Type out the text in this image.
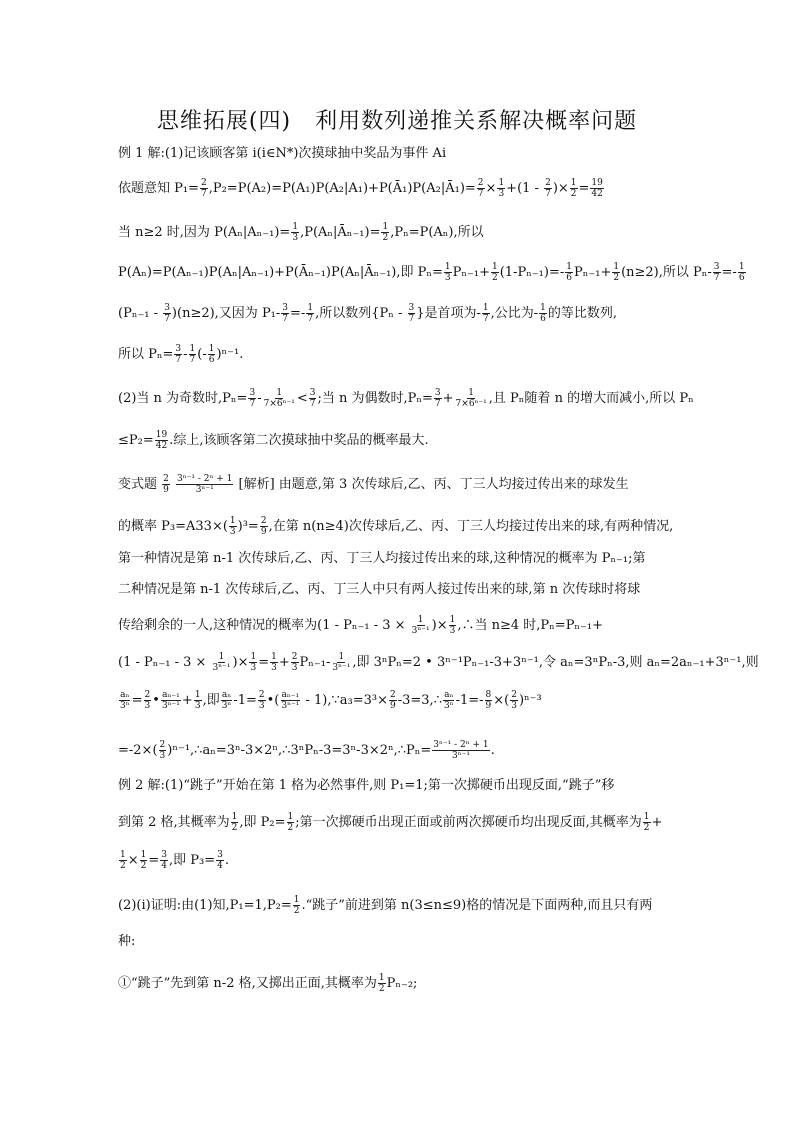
思维拓展(四)   利用数列递推关系解决概率问题
例 1 解:(1)记该顾客第 i(i∈N*)次摸球抽中奖品为事件 Ai
依题意知 $P_1= \frac{2}{7}$ ,P₂=P(A₂)=P(A₁)P(A₂|A₁)+P(Ā₁)P(A₂|Ā₁)= $\frac{2}{7} \times \frac{1}{3} +(1 - \frac{2}{7}$ )× $\frac{1}{2} = \frac{19}{42}$
当 n≥2 时,因为 $P(A_n|A_{n-1})= \frac{1}{3}$ ,P(Aₙ|Āₙ₋₁)= $\frac{1}{2} ,P_n=P(A_n)$,所以
P(Aₙ)=P(Aₙ₋₁)P(Aₙ|Aₙ₋₁)+P(Āₙ₋₁)P(Aₙ|Āₙ₋₁),即 $P_n= \frac{1}{3} P_{n-1}+ \frac{1}{2} (1-P_{n-1})=- \frac{1}{6} P_{n-1}+ \frac{1}{2} (n\ge 2)$,所以 $P_n- \frac{3}{7} =- \frac{1}{6}$
$(P_{n-1} - \frac{3}{7} )(n\ge 2)$,又因为 $P_1- \frac{3}{7} =- \frac{1}{7}$ ,所以数列{$P_n - \frac{3}{7}$ }是首项为- $\frac{1}{7}$ ,公比为- $\frac{1}{6}$ 的等比数列,
所以 $P_n= \frac{3}{7} - \frac{1}{7}$ (- $\frac{1}{6} )^{n-1}$.
(2)当 n 为奇数时$,P_n= \frac{3}{7} - \frac{1}{\text{7×6ⁿ⁻¹}} < \frac{3}{7}$ ;当 n 为偶数时$,P_n= \frac{3}{7} + \frac{1}{\text{7×6ⁿ⁻¹}}$ ,且 Pₙ随着 n 的增大而减小,所以 Pₙ
$\le P_2= \frac{19}{42}$ .综上,该顾客第二次摸球抽中奖品的概率最大.
变式题 $\frac{2}{9}$
$\frac{\text{3ⁿ⁻¹ - 2ⁿ + 1}}{\text{3ⁿ⁻¹}}$ [解析] 由题意,第 3 次传球后,乙、丙、丁三人均接过传出来的球发生
的概率 $P_3=A33\times( \frac{1}{3} )^3= \frac{2}{9}$ ,在第 n(n≥4)次传球后,乙、丙、丁三人均接过传出来的球,有两种情况,
第一种情况是第 n-1 次传球后,乙、丙、丁三人均接过传出来的球,这种情况的概率为 Pₙ₋₁;第
二种情况是第 n-1 次传球后,乙、丙、丁三人中只有两人接过传出来的球,第 n 次传球时将球
传给剩余的一人,这种情况的概率为($1 - P_{n-1} - 3 \times \frac{1}{\text{3ⁿ⁻¹}}$ )× $\frac{1}{3}$ ,∴当 n≥4 时,Pₙ=Pₙ₋₁+
($1 - P_{n-1} - 3 \times \frac{1}{\text{3ⁿ⁻¹}}$ )× $\frac{1}{3} = \frac{1}{3} + \frac{2}{3} P_{n-1}- \frac{1}{\text{3ⁿ⁻¹}}$ ,即 3ⁿPₙ=2 • 3ⁿ⁻¹Pₙ₋₁-3+3ⁿ⁻¹,令 aₙ=3ⁿPₙ-3,则 aₙ=2aₙ₋₁+3ⁿ⁻¹,则
$\frac{\text{aₙ}}{\text{3ⁿ}} = \frac{2}{3}$ • $\frac{\text{aₙ₋₁}}{\text{3ⁿ⁻¹}} + \frac{1}{3}$ ,即 $\frac{\text{aₙ}}{\text{3ⁿ}} -1= \frac{2}{3}$ •( $\frac{\text{aₙ₋₁}}{\text{3ⁿ⁻¹}}$ - 1),∵a₃=3³× $\frac{2}{9}$ -3=3,∴ $\frac{\text{aₙ}}{\text{3ⁿ}} -1=- \frac{8}{9}$ ×( $\frac{2}{3} )^{n-3}$
$=-2\times( \frac{2}{3}$ )ⁿ⁻¹,∴aₙ=3ⁿ-3×2ⁿ,∴3ⁿPₙ-3=3ⁿ-3×2ⁿ,∴Pₙ= $\frac{\text{3ⁿ⁻¹ - 2ⁿ + 1}}{\text{3ⁿ⁻¹}}$ .
例 2 解:(1)“跳子”开始在第 1 格为必然事件,则 P₁=1;第一次掷硬币出现反面,“跳子”移
到第 2 格,其概率为 $\frac{1}{2}$ ,即 $P_2= \frac{1}{2}$ ;第一次掷硬币出现正面或前两次掷硬币均出现反面,其概率为 $\frac{1}{2}$ +
$\frac{1}{2} \times \frac{1}{2} = \frac{3}{4}$ ,即 $P_3= \frac{3}{4}$ .
(2)(i)证明:由(1)知$,P_1=1,P_2= \frac{1}{2}$ .“跳子”前进到第 n(3≤n≤9)格的情况是下面两种,而且只有两
种:
①“跳子”先到第 n-2 格,又掷出正面,其概率为 $\frac{1}{2} P_{n-2}$;
